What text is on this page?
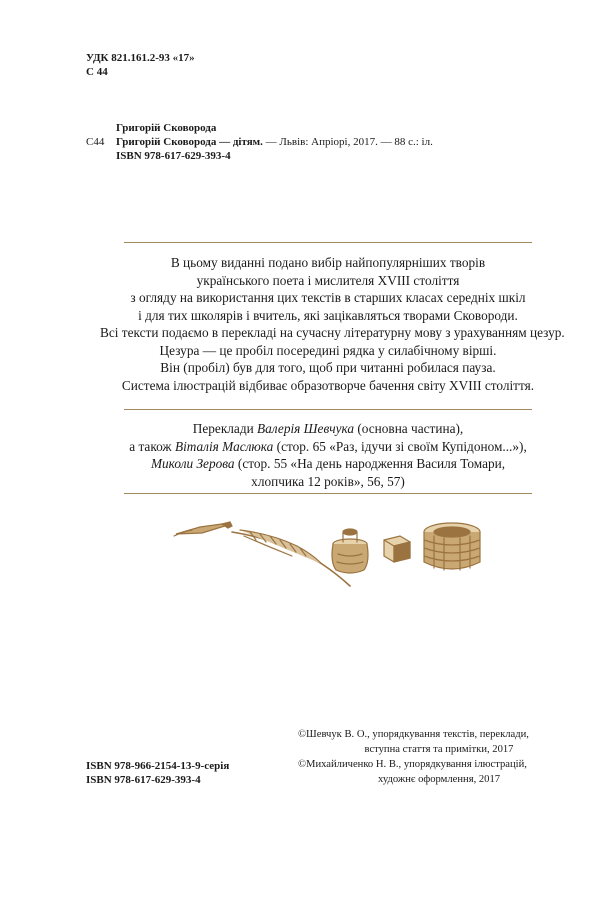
УДК 821.161.2-93 «17»
С 44
Григорій Сковорода
С44 Григорій Сковорода — дітям. — Львів: Апріорі, 2017. — 88 с.: іл.
ISBN 978-617-629-393-4
В цьому виданні подано вибір найпопулярніших творів
українського поета і мислителя XVIII століття
з огляду на використання цих текстів в старших класах середніх шкіл
і для тих школярів і вчитель, які зацікавляться творами Сковороди.
Всі тексти подаємо в перекладі на сучасну літературну мову з урахуванням цезур.
Цезура — це пробіл посередині рядка у силабічному вірші.
Він (пробіл) був для того, щоб при читанні робилася пауза.
Система ілюстрацій відбиває образотворче бачення світу XVIII століття.
Переклади Валерія Шевчука (основна частина),
а також Віталія Маслюка (стор. 65 «Раз, ідучи зі своїм Купідоном...»),
Миколи Зерова (стор. 55 «На день народження Василя Томари,
хлопчика 12 років», 56, 57)
©Шевчук В. О., упорядкування текстів, переклади,
вступна стаття та примітки, 2017
©Михайличенко Н. В., упорядкування ілюстрацій,
художнє оформлення, 2017
ISBN 978-966-2154-13-9-серія
ISBN 978-617-629-393-4
